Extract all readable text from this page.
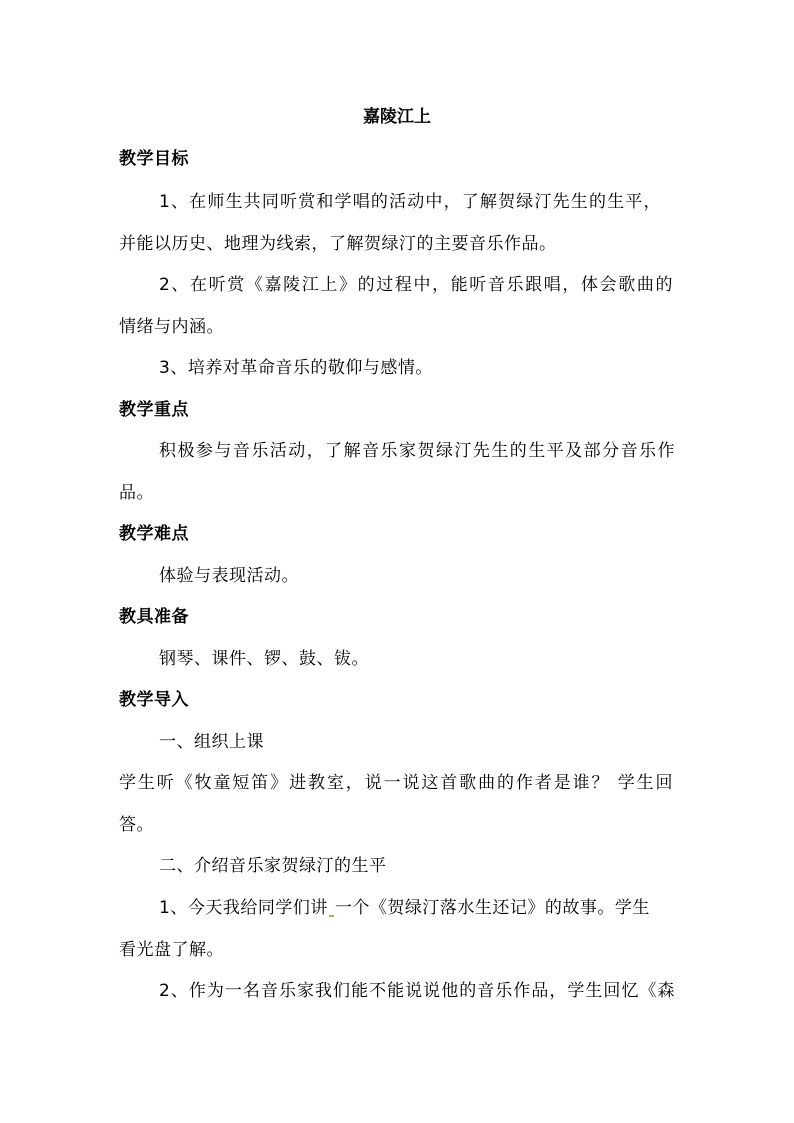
嘉陵江上
教学目标
1、在师生共同听赏和学唱的活动中，了解贺绿汀先生的生平，
并能以历史、地理为线索，了解贺绿汀的主要音乐作品。
2、在听赏《嘉陵江上》的过程中，能听音乐跟唱，体会歌曲的
情绪与内涵。
3、培养对革命音乐的敬仰与感情。
教学重点
积极参与音乐活动，了解音乐家贺绿汀先生的生平及部分音乐作
品。
教学难点
体验与表现活动。
教具准备
钢琴、课件、锣、鼓、钹。
教学导入
一、组织上课
学生听《牧童短笛》进教室，说一说这首歌曲的作者是谁？ 学生回
答。
二、介绍音乐家贺绿汀的生平
1、今天我给同学们讲 一个《贺绿汀落水生还记》的故事。学生
看光盘了解。
2、作为一名音乐家我们能不能说说他的音乐作品，学生回忆《森
